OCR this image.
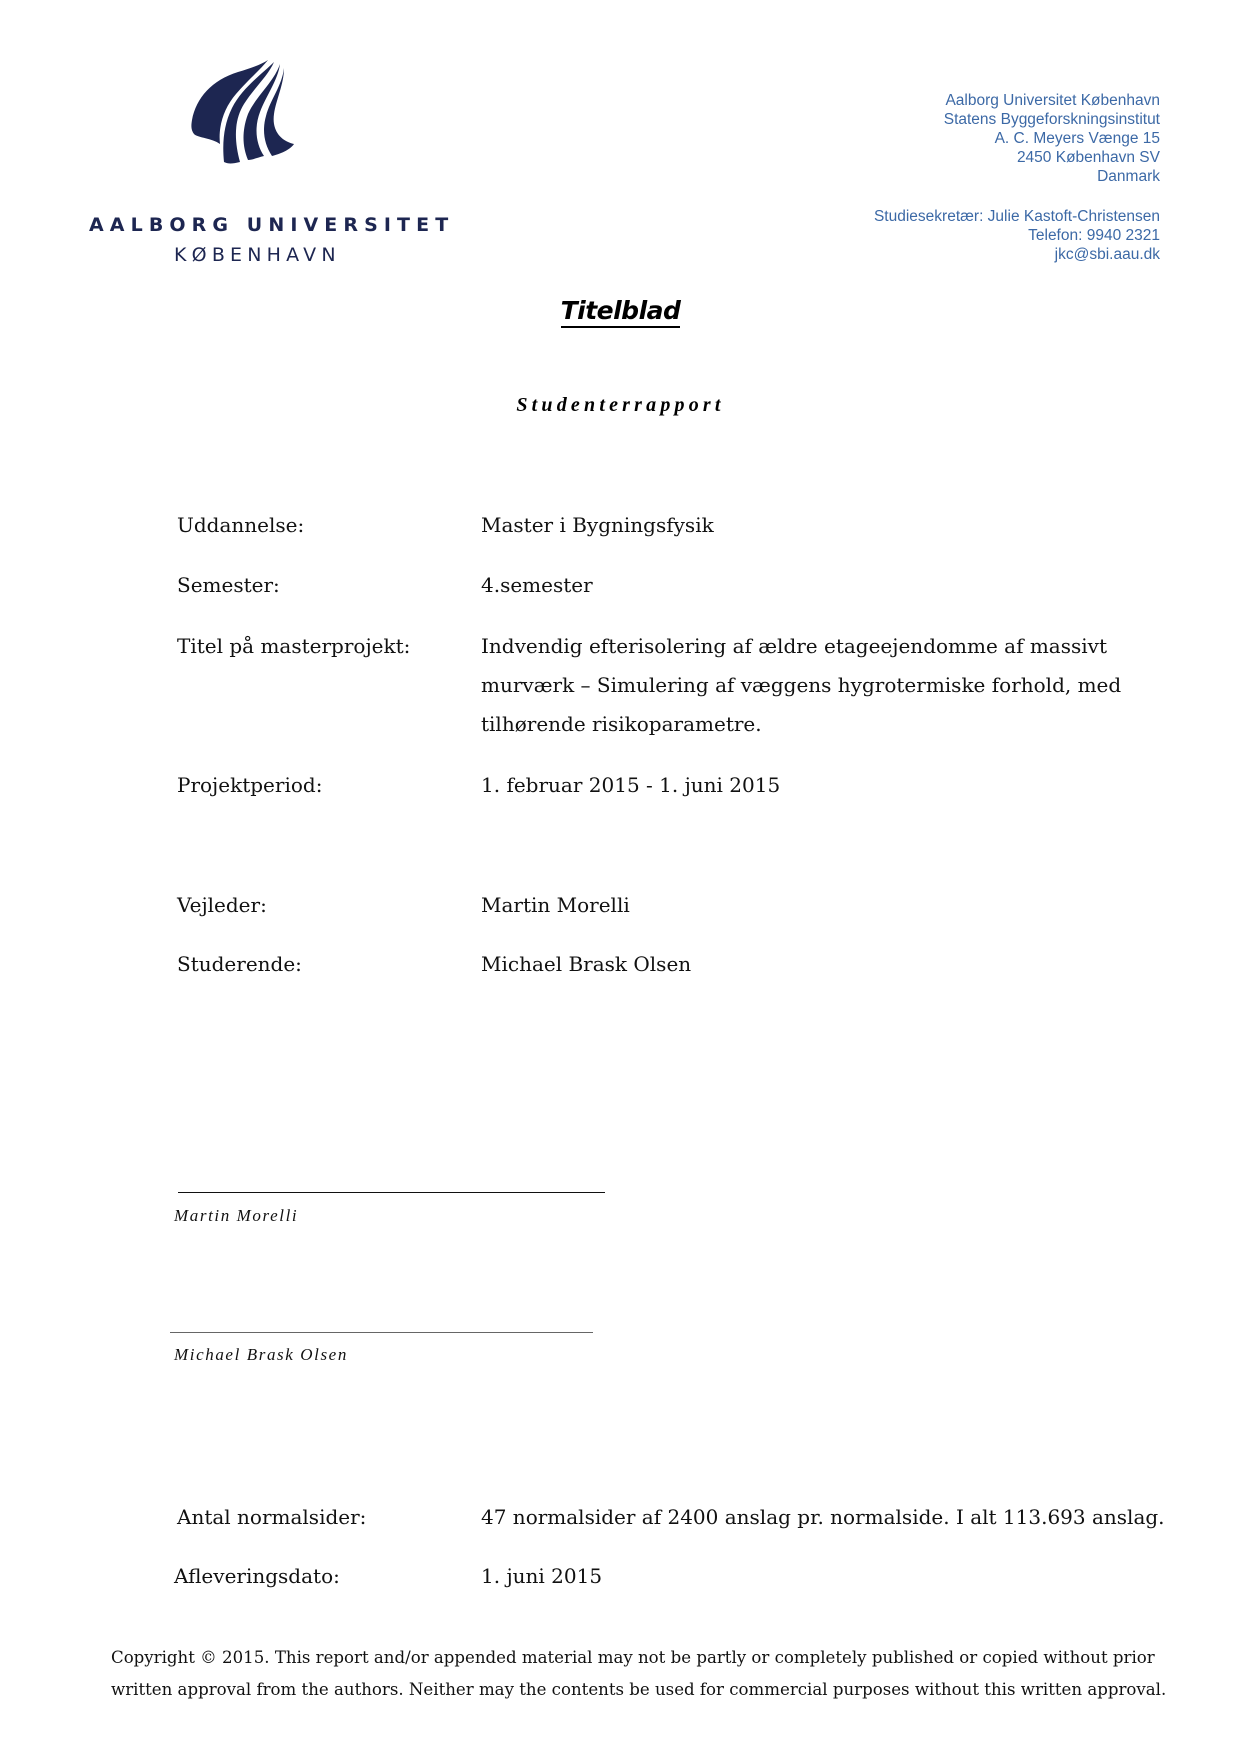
AALBORG UNIVERSITET
KØBENHAVN
Aalborg Universitet København
Statens Byggeforskningsinstitut
A. C. Meyers Vænge 15
2450 København SV
Danmark
Studiesekretær: Julie Kastoft-Christensen
Telefon: 9940 2321
jkc@sbi.aau.dk
Titelblad
Studenterrapport
Uddannelse:	Master i Bygningsfysik
Semester:	4.semester
Titel på masterprojekt:	Indvendig efterisolering af ældre etageejendomme af massivt
murværk – Simulering af væggens hygrotermiske forhold, med
tilhørende risikoparametre.
Projektperiod:	1. februar 2015 - 1. juni 2015
Vejleder:	Martin Morelli
Studerende:	Michael Brask Olsen
Martin Morelli
Michael Brask Olsen
Antal normalsider:	47 normalsider af 2400 anslag pr. normalside. I alt 113.693 anslag.
Afleveringsdato:	1. juni 2015
Copyright © 2015. This report and/or appended material may not be partly or completely published or copied without prior
written approval from the authors. Neither may the contents be used for commercial purposes without this written approval.
